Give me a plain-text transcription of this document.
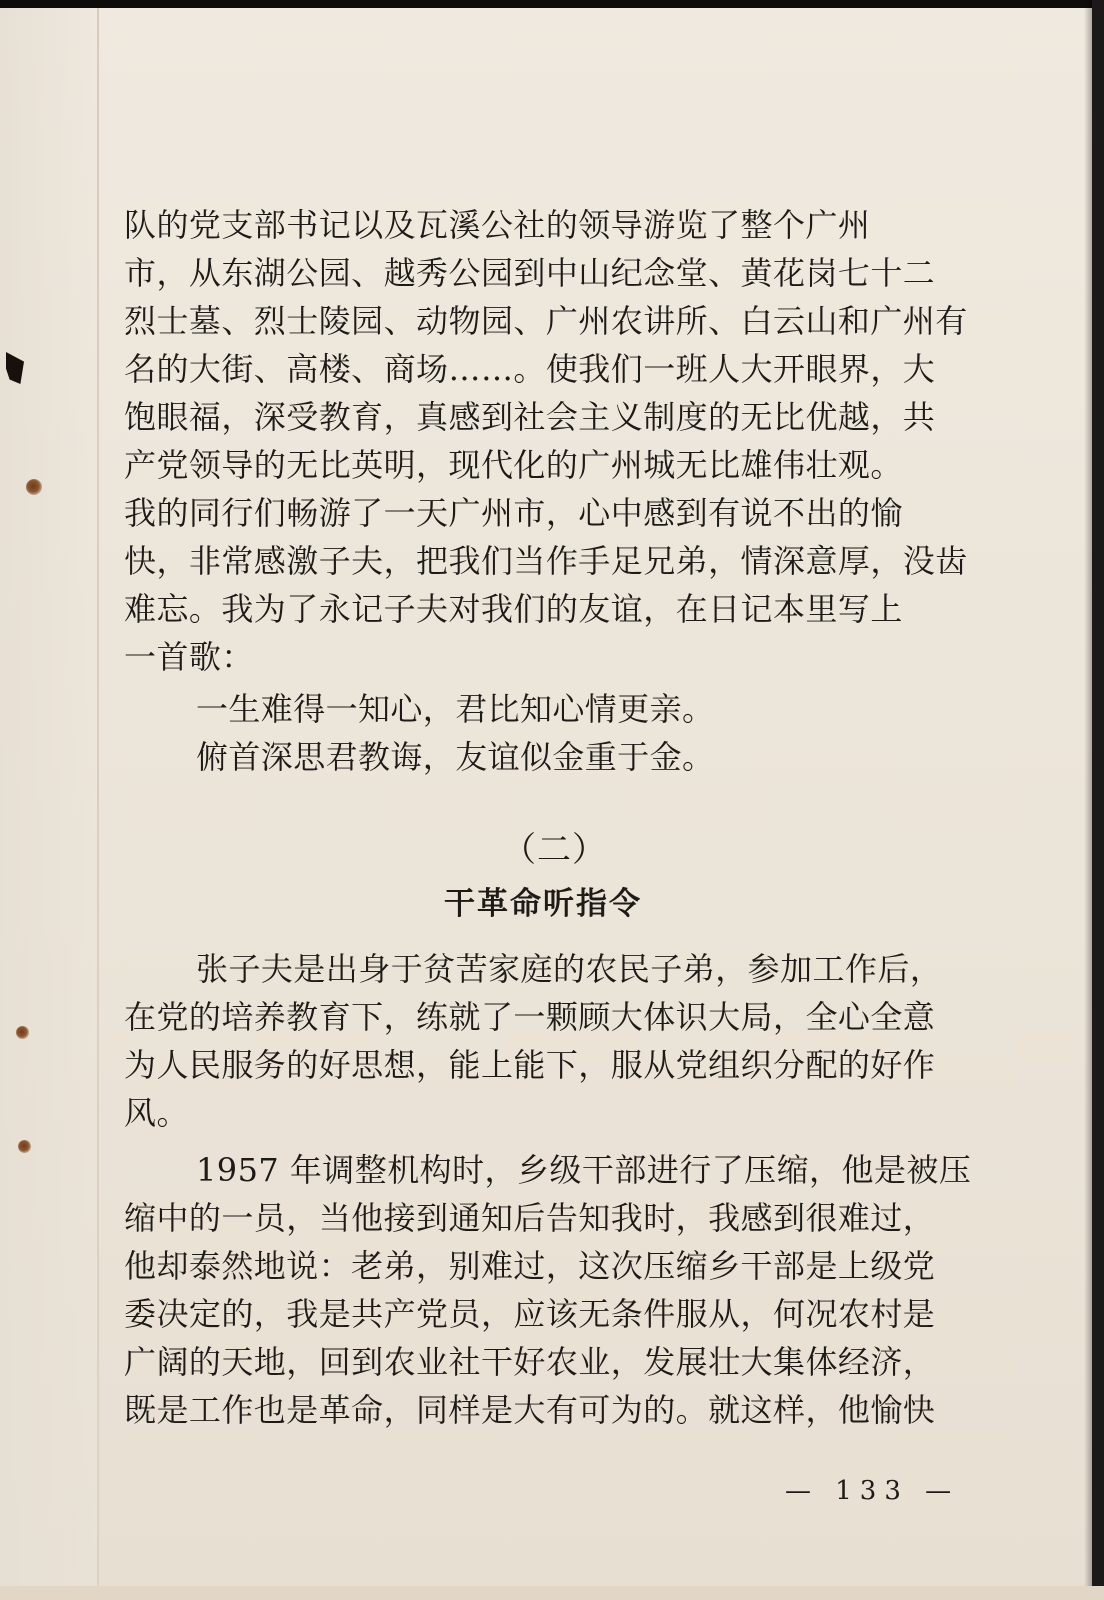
队的党支部书记以及瓦溪公社的领导游览了整个广州
市，从东湖公园、越秀公园到中山纪念堂、黄花岗七十二
烈士墓、烈士陵园、动物园、广州农讲所、白云山和广州有
名的大街、高楼、商场……。使我们一班人大开眼界，大
饱眼福，深受教育，真感到社会主义制度的无比优越，共
产党领导的无比英明，现代化的广州城无比雄伟壮观。
我的同行们畅游了一天广州市，心中感到有说不出的愉
快，非常感激子夫，把我们当作手足兄弟，情深意厚，没齿
难忘。我为了永记子夫对我们的友谊，在日记本里写上
一首歌：
一生难得一知心，君比知心情更亲。
俯首深思君教诲，友谊似金重于金。
（二）
干革命听指令
张子夫是出身于贫苦家庭的农民子弟，参加工作后，
在党的培养教育下，练就了一颗顾大体识大局，全心全意
为人民服务的好思想，能上能下，服从党组织分配的好作
风。
1957 年调整机构时，乡级干部进行了压缩，他是被压
缩中的一员，当他接到通知后告知我时，我感到很难过，
他却泰然地说：老弟，别难过，这次压缩乡干部是上级党
委决定的，我是共产党员，应该无条件服从，何况农村是
广阔的天地，回到农业社干好农业，发展壮大集体经济，
既是工作也是革命，同样是大有可为的。就这样，他愉快
— 133 —
